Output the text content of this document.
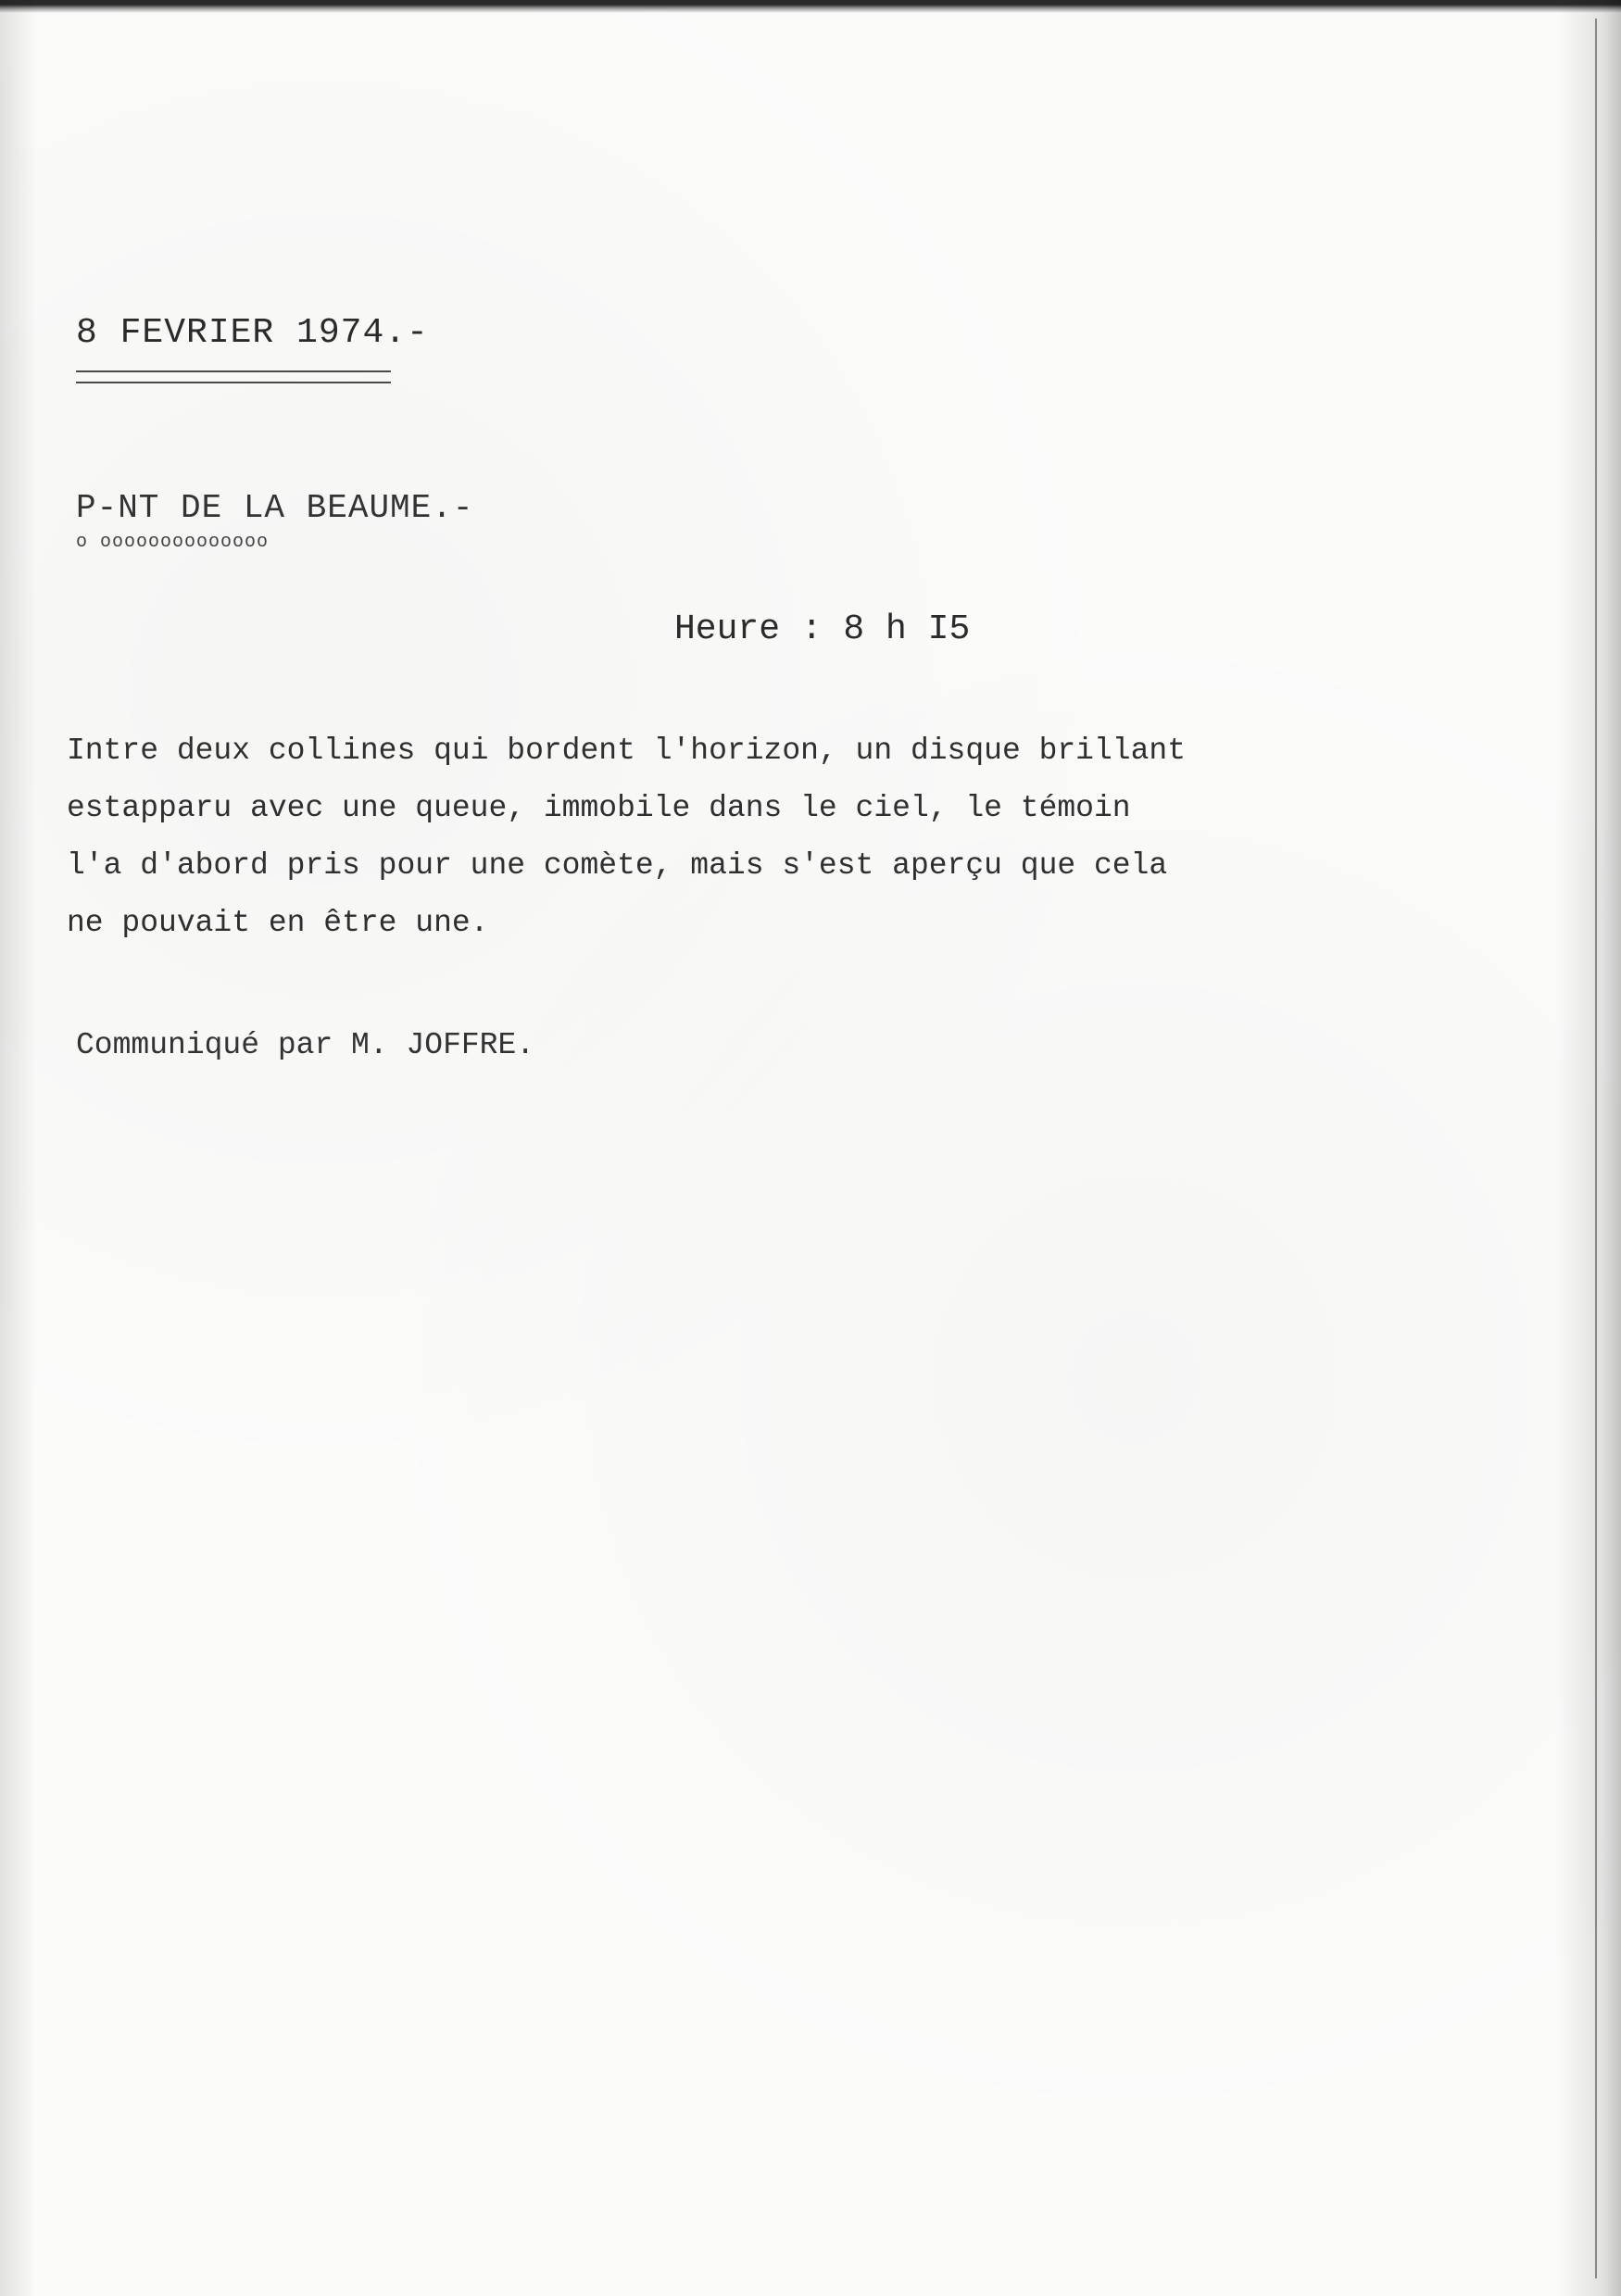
8 FEVRIER 1974.-
P-NT DE LA BEAUME.-
o oooooooooooooo
Heure : 8 h I5
Intre deux collines qui bordent l'horizon, un disque brillant
estapparu avec une queue, immobile dans le ciel, le témoin
l'a d'abord pris pour une comète, mais s'est aperçu que cela
ne pouvait en être une.
Communiqué par M. JOFFRE.
